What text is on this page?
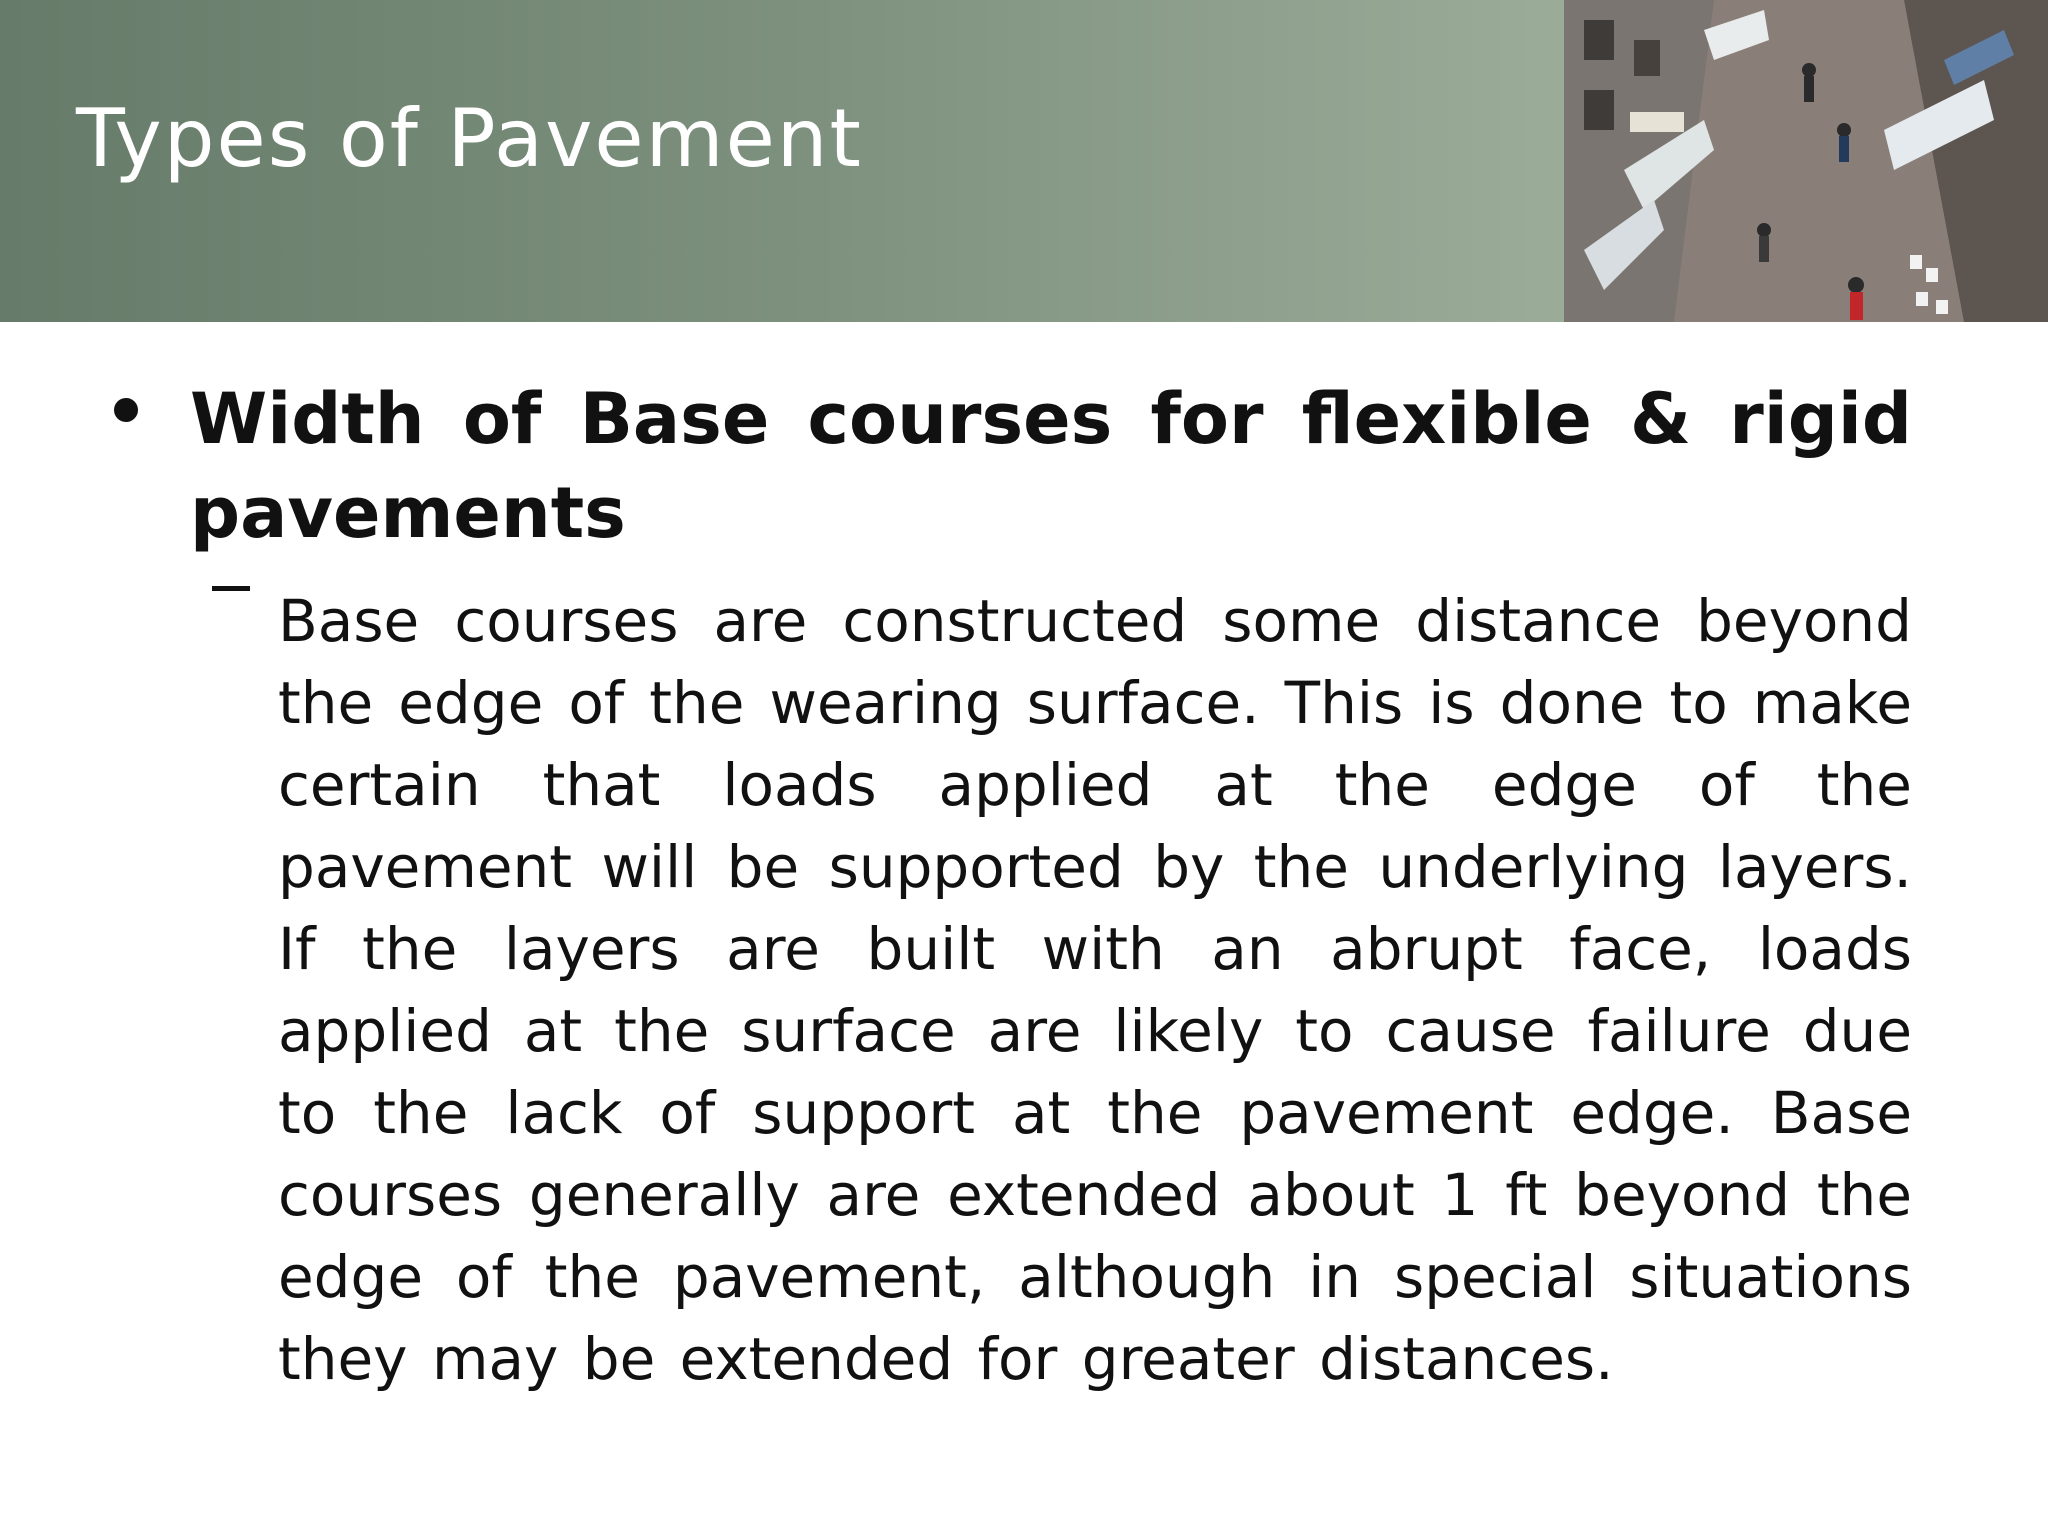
Types of Pavement

Width of Base courses for flexible & rigid pavements

Base courses are constructed some distance beyond the edge of the wearing surface. This is done to make certain that loads applied at the edge of the pavement will be supported by the underlying layers. If the layers are built with an abrupt face, loads applied at the surface are likely to cause failure due to the lack of support at the pavement edge. Base courses generally are extended about 1 ft beyond the edge of the pavement, although in special situations they may be extended for greater distances.
